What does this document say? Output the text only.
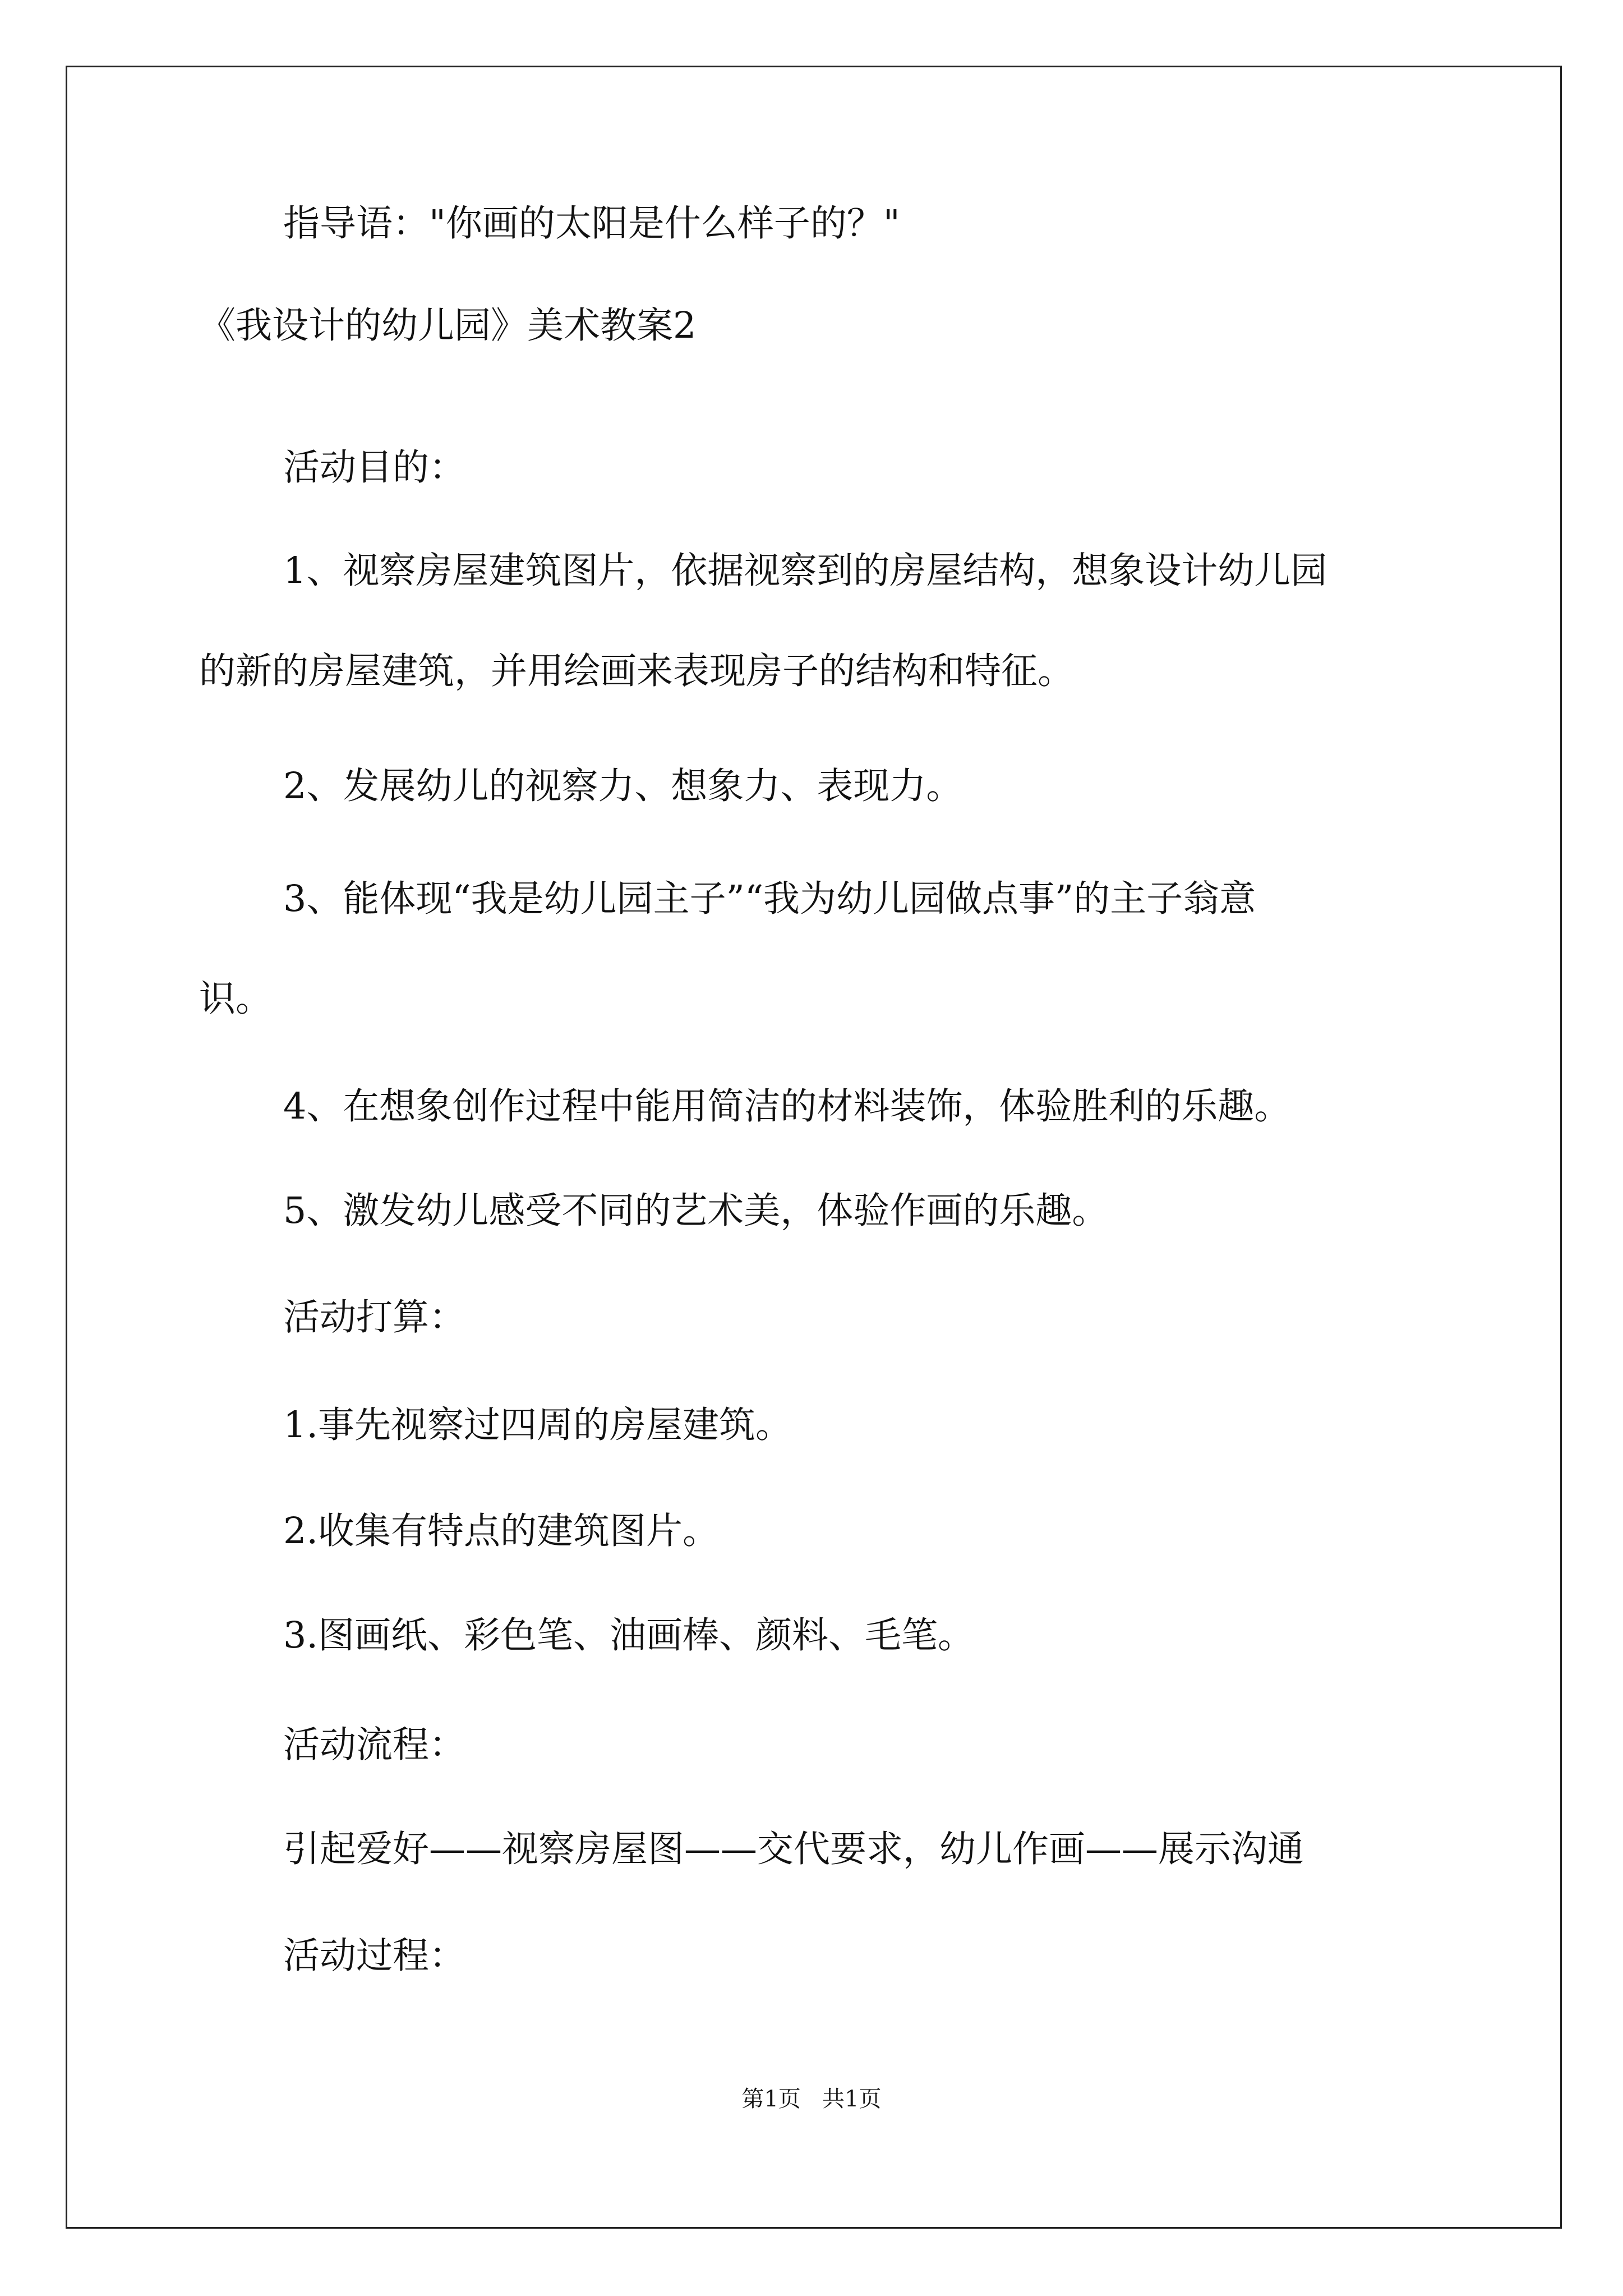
指导语："你画的太阳是什么样子的？"
《我设计的幼儿园》美术教案2
活动目的：
1、视察房屋建筑图片，依据视察到的房屋结构，想象设计幼儿园
的新的房屋建筑，并用绘画来表现房子的结构和特征。
2、发展幼儿的视察力、想象力、表现力。
3、能体现“我是幼儿园主子”“我为幼儿园做点事”的主子翁意
识。
4、在想象创作过程中能用简洁的材料装饰，体验胜利的乐趣。
5、激发幼儿感受不同的艺术美，体验作画的乐趣。
活动打算：
1.事先视察过四周的房屋建筑。
2.收集有特点的建筑图片。
3.图画纸、彩色笔、油画棒、颜料、毛笔。
活动流程：
引起爱好——视察房屋图——交代要求，幼儿作画——展示沟通
活动过程：
第1页   共1页
